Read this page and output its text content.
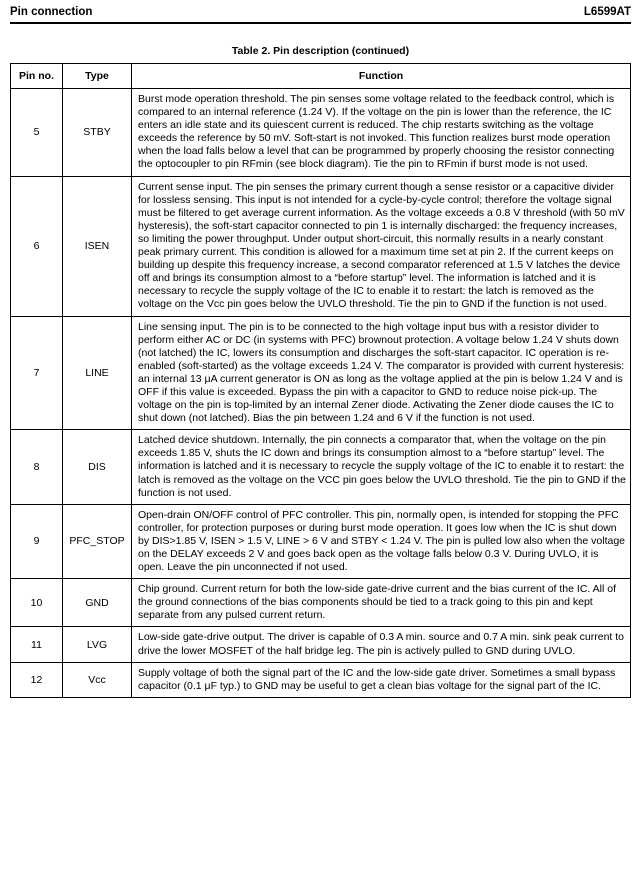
Pin connection	L6599AT
Table 2. Pin description (continued)
Pin no.	Type	Function
5	STBY	Burst mode operation threshold. The pin senses some voltage related to the feedback control, which is compared to an internal reference (1.24 V). If the voltage on the pin is lower than the reference, the IC enters an idle state and its quiescent current is reduced. The chip restarts switching as the voltage exceeds the reference by 50 mV. Soft-start is not invoked. This function realizes burst mode operation when the load falls below a level that can be programmed by properly choosing the resistor connecting the optocoupler to pin RFmin (see block diagram). Tie the pin to RFmin if burst mode is not used.
6	ISEN	Current sense input. The pin senses the primary current though a sense resistor or a capacitive divider for lossless sensing. This input is not intended for a cycle-by-cycle control; therefore the voltage signal must be filtered to get average current information. As the voltage exceeds a 0.8 V threshold (with 50 mV hysteresis), the soft-start capacitor connected to pin 1 is internally discharged: the frequency increases, so limiting the power throughput. Under output short-circuit, this normally results in a nearly constant peak primary current. This condition is allowed for a maximum time set at pin 2. If the current keeps on building up despite this frequency increase, a second comparator referenced at 1.5 V latches the device off and brings its consumption almost to a “before startup” level. The information is latched and it is necessary to recycle the supply voltage of the IC to enable it to restart: the latch is removed as the voltage on the Vcc pin goes below the UVLO threshold. Tie the pin to GND if the function is not used.
7	LINE	Line sensing input. The pin is to be connected to the high voltage input bus with a resistor divider to perform either AC or DC (in systems with PFC) brownout protection. A voltage below 1.24 V shuts down (not latched) the IC, lowers its consumption and discharges the soft-start capacitor. IC operation is re-enabled (soft-started) as the voltage exceeds 1.24 V. The comparator is provided with current hysteresis: an internal 13 μA current generator is ON as long as the voltage applied at the pin is below 1.24 V and is OFF if this value is exceeded. Bypass the pin with a capacitor to GND to reduce noise pick-up. The voltage on the pin is top-limited by an internal Zener diode. Activating the Zener diode causes the IC to shut down (not latched). Bias the pin between 1.24 and 6 V if the function is not used.
8	DIS	Latched device shutdown. Internally, the pin connects a comparator that, when the voltage on the pin exceeds 1.85 V, shuts the IC down and brings its consumption almost to a “before startup” level. The information is latched and it is necessary to recycle the supply voltage of the IC to enable it to restart: the latch is removed as the voltage on the VCC pin goes below the UVLO threshold. Tie the pin to GND if the function is not used.
9	PFC_STOP	Open-drain ON/OFF control of PFC controller. This pin, normally open, is intended for stopping the PFC controller, for protection purposes or during burst mode operation. It goes low when the IC is shut down by DIS>1.85 V, ISEN > 1.5 V, LINE > 6 V and STBY < 1.24 V. The pin is pulled low also when the voltage on the DELAY exceeds 2 V and goes back open as the voltage falls below 0.3 V. During UVLO, it is open. Leave the pin unconnected if not used.
10	GND	Chip ground. Current return for both the low-side gate-drive current and the bias current of the IC. All of the ground connections of the bias components should be tied to a track going to this pin and kept separate from any pulsed current return.
11	LVG	Low-side gate-drive output. The driver is capable of 0.3 A min. source and 0.7 A min. sink peak current to drive the lower MOSFET of the half bridge leg. The pin is actively pulled to GND during UVLO.
12	Vcc	Supply voltage of both the signal part of the IC and the low-side gate driver. Sometimes a small bypass capacitor (0.1 μF typ.) to GND may be useful to get a clean bias voltage for the signal part of the IC.
